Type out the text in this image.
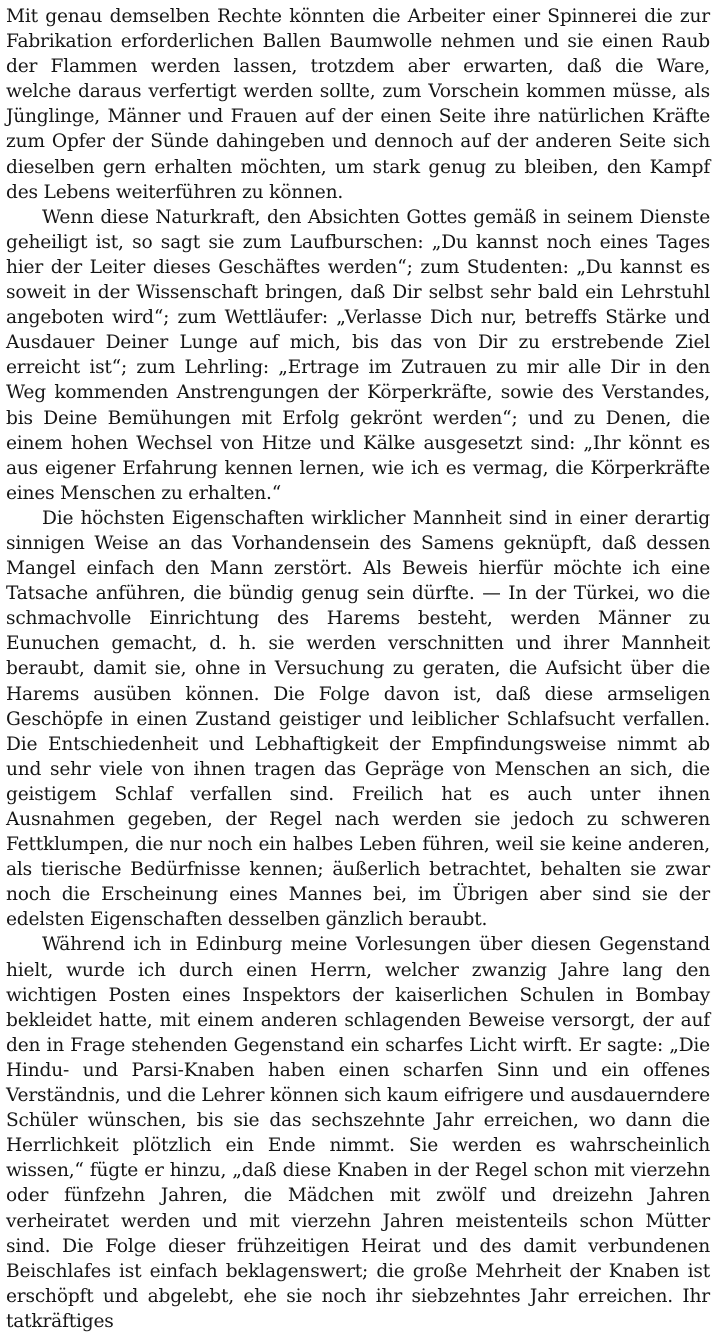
Mit genau demselben Rechte könnten die Arbeiter einer Spinnerei die zur Fabrikation erforderlichen Ballen Baumwolle nehmen und sie einen Raub der Flammen werden lassen, trotzdem aber erwarten, daß die Ware, welche daraus verfertigt werden sollte, zum Vorschein kommen müsse, als Jünglinge, Männer und Frauen auf der einen Seite ihre natürlichen Kräfte zum Opfer der Sünde dahingeben und dennoch auf der anderen Seite sich dieselben gern erhalten möchten, um stark genug zu bleiben, den Kampf des Lebens weiterführen zu können.

Wenn diese Naturkraft, den Absichten Gottes gemäß in seinem Dienste geheiligt ist, so sagt sie zum Laufburschen: „Du kannst noch eines Tages hier der Leiter dieses Geschäftes werden“; zum Studenten: „Du kannst es soweit in der Wissenschaft bringen, daß Dir selbst sehr bald ein Lehrstuhl angeboten wird“; zum Wettläufer: „Verlasse Dich nur, betreffs Stärke und Ausdauer Deiner Lunge auf mich, bis das von Dir zu erstrebende Ziel erreicht ist“; zum Lehrling: „Ertrage im Zutrauen zu mir alle Dir in den Weg kommenden Anstrengungen der Körperkräfte, sowie des Verstandes, bis Deine Bemühungen mit Erfolg gekrönt werden“; und zu Denen, die einem hohen Wechsel von Hitze und Kälke ausgesetzt sind: „Ihr könnt es aus eigener Erfahrung kennen lernen, wie ich es vermag, die Körperkräfte eines Menschen zu erhalten.“

Die höchsten Eigenschaften wirklicher Mannheit sind in einer derartig sinnigen Weise an das Vorhandensein des Samens geknüpft, daß dessen Mangel einfach den Mann zerstört. Als Beweis hierfür möchte ich eine Tatsache anführen, die bündig genug sein dürfte. — In der Türkei, wo die schmachvolle Einrichtung des Harems besteht, werden Männer zu Eunuchen gemacht, d. h. sie werden verschnitten und ihrer Mannheit beraubt, damit sie, ohne in Versuchung zu geraten, die Aufsicht über die Harems ausüben können. Die Folge davon ist, daß diese armseligen Geschöpfe in einen Zustand geistiger und leiblicher Schlafsucht verfallen. Die Entschiedenheit und Lebhaftigkeit der Empfindungsweise nimmt ab und sehr viele von ihnen tragen das Gepräge von Menschen an sich, die geistigem Schlaf verfallen sind. Freilich hat es auch unter ihnen Ausnahmen gegeben, der Regel nach werden sie jedoch zu schweren Fettklumpen, die nur noch ein halbes Leben führen, weil sie keine anderen, als tierische Bedürfnisse kennen; äußerlich betrachtet, behalten sie zwar noch die Erscheinung eines Mannes bei, im Übrigen aber sind sie der edelsten Eigenschaften desselben gänzlich beraubt.

Während ich in Edinburg meine Vorlesungen über diesen Gegenstand hielt, wurde ich durch einen Herrn, welcher zwanzig Jahre lang den wichtigen Posten eines Inspektors der kaiserlichen Schulen in Bombay bekleidet hatte, mit einem anderen schlagenden Beweise versorgt, der auf den in Frage stehenden Gegenstand ein scharfes Licht wirft. Er sagte: „Die Hindu- und Parsi-Knaben haben einen scharfen Sinn und ein offenes Verständnis, und die Lehrer können sich kaum eifrigere und ausdauerndere Schüler wünschen, bis sie das sechszehnte Jahr erreichen, wo dann die Herrlichkeit plötzlich ein Ende nimmt. Sie werden es wahrscheinlich wissen,“ fügte er hinzu, „daß diese Knaben in der Regel schon mit vierzehn oder fünfzehn Jahren, die Mädchen mit zwölf und dreizehn Jahren verheiratet werden und mit vierzehn Jahren meistenteils schon Mütter sind. Die Folge dieser frühzeitigen Heirat und des damit verbundenen Beischlafes ist einfach beklagenswert; die große Mehrheit der Knaben ist erschöpft und abgelebt, ehe sie noch ihr siebzehntes Jahr erreichen. Ihr tatkräftiges
